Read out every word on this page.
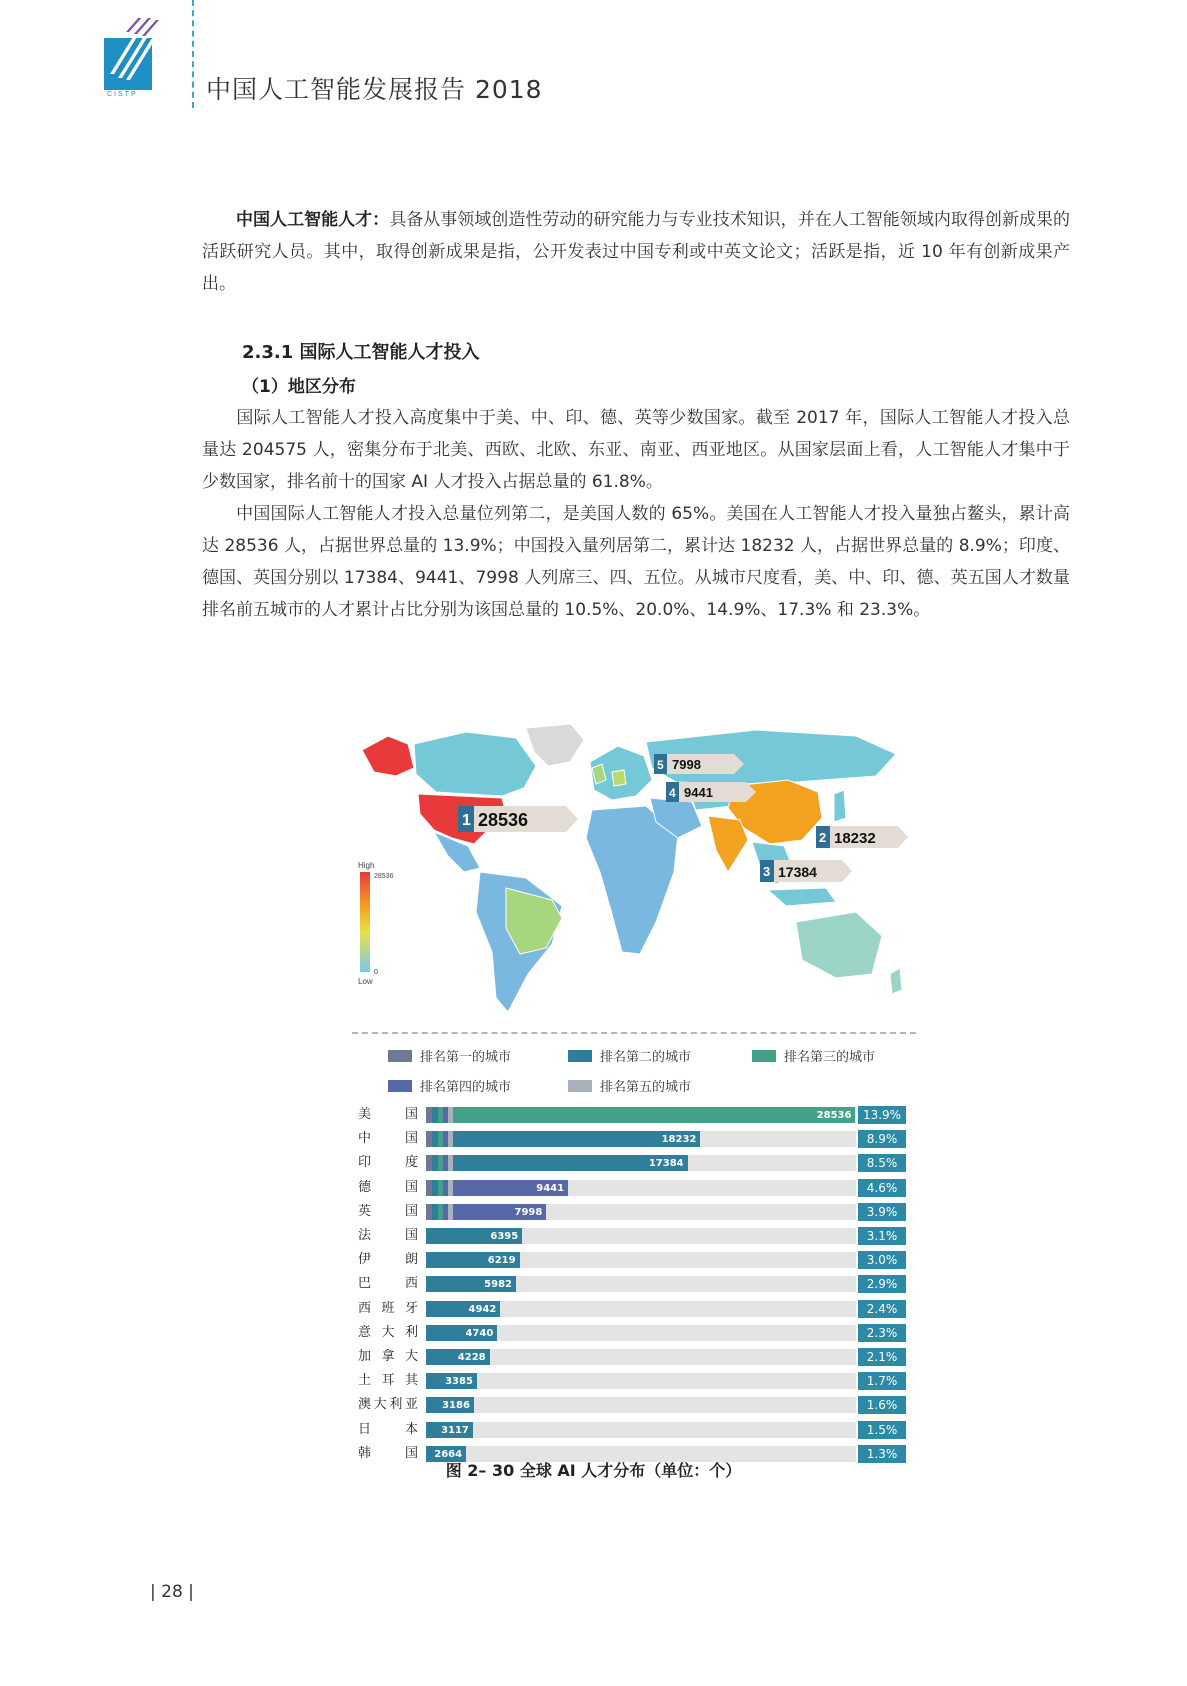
CISTP	中国人工智能发展报告 2018
中国人工智能人才：具备从事领域创造性劳动的研究能力与专业技术知识，并在人工智能领域内取得创新成果的活跃研究人员。其中，取得创新成果是指，公开发表过中国专利或中英文论文；活跃是指，近 10 年有创新成果产出。
2.3.1 国际人工智能人才投入
（1）地区分布
国际人工智能人才投入高度集中于美、中、印、德、英等少数国家。截至 2017 年，国际人工智能人才投入总量达 204575 人，密集分布于北美、西欧、北欧、东亚、南亚、西亚地区。从国家层面上看，人工智能人才集中于少数国家，排名前十的国家 AI 人才投入占据总量的 61.8%。
中国国际人工智能人才投入总量位列第二，是美国人数的 65%。美国在人工智能人才投入量独占鳌头，累计高达 28536 人，占据世界总量的 13.9%；中国投入量列居第二，累计达 18232 人，占据世界总量的 8.9%；印度、德国、英国分别以 17384、9441、7998 人列席三、四、五位。从城市尺度看，美、中、印、德、英五国人才数量排名前五城市的人才累计占比分别为该国总量的 10.5%、20.0%、14.9%、17.3% 和 23.3%。
High
28536
0
Low
1 28536
2 18232
3 17384
4 9441
5 7998
排名第一的城市	排名第二的城市	排名第三的城市
排名第四的城市	排名第五的城市
美　国	28536 13.9%
中　国	18232	8.9%
印　度	17384	8.5%
德　国	9441	4.6%
英　国	7998	3.9%
法　国	6395	3.1%
伊　朗	6219	3.0%
巴　西	5982	2.9%
西班牙	4942	2.4%
意大利	4740	2.3%
加拿大	4228	2.1%
土耳其	3385	1.7%
澳大利亚	3186	1.6%
日　本	3117	1.5%
韩　国	2664	1.3%
图 2– 30 全球 AI 人才分布（单位：个）
| 28 |
